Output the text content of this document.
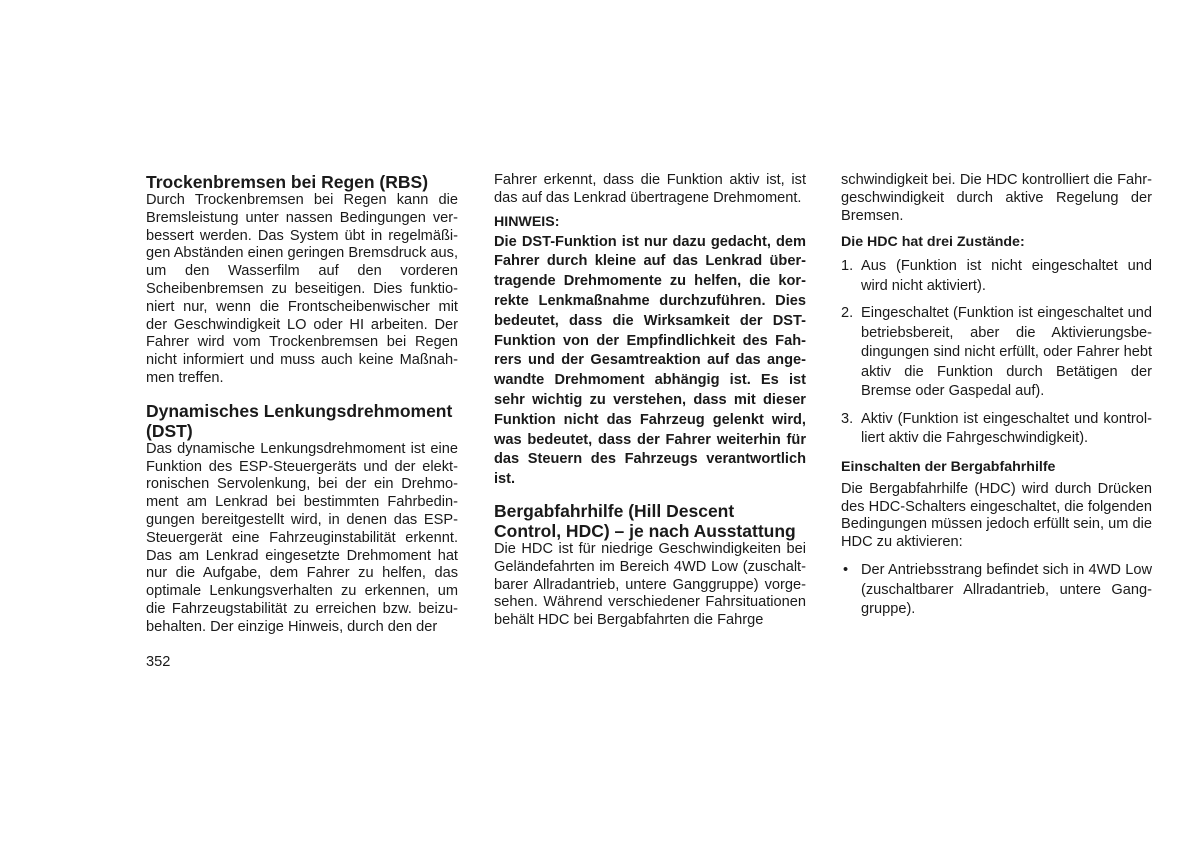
Trockenbremsen bei Regen (RBS)

Durch Trockenbremsen bei Regen kann die Bremsleistung unter nassen Bedingungen verbessert werden. Das System übt in regelmäßigen Abständen einen geringen Bremsdruck aus, um den Wasserfilm auf den vorderen Scheibenbremsen zu beseitigen. Dies funktioniert nur, wenn die Frontscheibenwischer mit der Geschwindigkeit LO oder HI arbeiten. Der Fahrer wird vom Trockenbremsen bei Regen nicht informiert und muss auch keine Maßnahmen treffen.

Dynamisches Lenkungsdrehmoment (DST)

Das dynamische Lenkungsdrehmoment ist eine Funktion des ESP-Steuergeräts und der elektronischen Servolenkung, bei der ein Drehmoment am Lenkrad bei bestimmten Fahrbedingungen bereitgestellt wird, in denen das ESP-Steuergerät eine Fahrzeuginstabilität erkennt. Das am Lenkrad eingesetzte Drehmoment hat nur die Aufgabe, dem Fahrer zu helfen, das optimale Lenkungsverhalten zu erkennen, um die Fahrzeugstabilität zu erreichen bzw. beizubehalten. Der einzige Hinweis, durch den der

Fahrer erkennt, dass die Funktion aktiv ist, ist das auf das Lenkrad übertragene Drehmoment.

HINWEIS:

Die DST-Funktion ist nur dazu gedacht, dem Fahrer durch kleine auf das Lenkrad übertragende Drehmomente zu helfen, die korrekte Lenkmaßnahme durchzuführen. Dies bedeutet, dass die Wirksamkeit der DST-Funktion von der Empfindlichkeit des Fahrers und der Gesamtreaktion auf das angewandte Drehmoment abhängig ist. Es ist sehr wichtig zu verstehen, dass mit dieser Funktion nicht das Fahrzeug gelenkt wird, was bedeutet, dass der Fahrer weiterhin für das Steuern des Fahrzeugs verantwortlich ist.

Bergabfahrhilfe (Hill Descent Control, HDC) – je nach Ausstattung

Die HDC ist für niedrige Geschwindigkeiten bei Geländefahrten im Bereich 4WD Low (zuschaltbarer Allradantrieb, untere Ganggruppe) vorgesehen. Während verschiedener Fahrsituationen behält HDC bei Bergabfahrten die Fahrge

schwindigkeit bei. Die HDC kontrolliert die Fahrgeschwindigkeit durch aktive Regelung der Bremsen.

Die HDC hat drei Zustände:

1. Aus (Funktion ist nicht eingeschaltet und wird nicht aktiviert).
2. Eingeschaltet (Funktion ist eingeschaltet und betriebsbereit, aber die Aktivierungsbedingungen sind nicht erfüllt, oder Fahrer hebt aktiv die Funktion durch Betätigen der Bremse oder Gaspedal auf).
3. Aktiv (Funktion ist eingeschaltet und kontrolliert aktiv die Fahrgeschwindigkeit).

Einschalten der Bergabfahrhilfe

Die Bergabfahrhilfe (HDC) wird durch Drücken des HDC-Schalters eingeschaltet, die folgenden Bedingungen müssen jedoch erfüllt sein, um die HDC zu aktivieren:

• Der Antriebsstrang befindet sich in 4WD Low (zuschaltbarer Allradantrieb, untere Ganggruppe).
352
